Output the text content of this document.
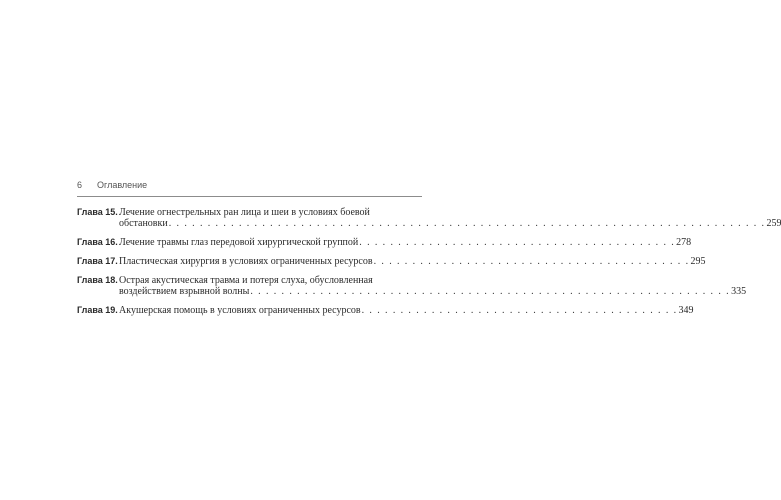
6 Оглавление
Глава 15. Лечение огнестрельных ран лица и шеи в условиях боевой
обстановки . . . . . . . . . . . . . . . . . . . . . . . . . . . . . . . . . . . . . . . . . . . . . . . . . . . . . . . . . . . . . . . . . . . . . . . . . . . . . 259
Глава 16. Лечение травмы глаз передовой хирургической группой . . . . . . . . . . . . . . . . . . . . . . . . . . . . . . . . . . . . . . . . . 278
Глава 17. Пластическая хирургия в условиях ограниченных ресурсов . . . . . . . . . . . . . . . . . . . . . . . . . . . . . . . . . . . . . . . . . 295
Глава 18. Острая акустическая травма и потеря слуха, обусловленная
воздействием взрывной волны . . . . . . . . . . . . . . . . . . . . . . . . . . . . . . . . . . . . . . . . . . . . . . . . . . . . . . . . . . . . . . 335
Глава 19. Акушерская помощь в условиях ограниченных ресурсов . . . . . . . . . . . . . . . . . . . . . . . . . . . . . . . . . . . . . . . . . 349
